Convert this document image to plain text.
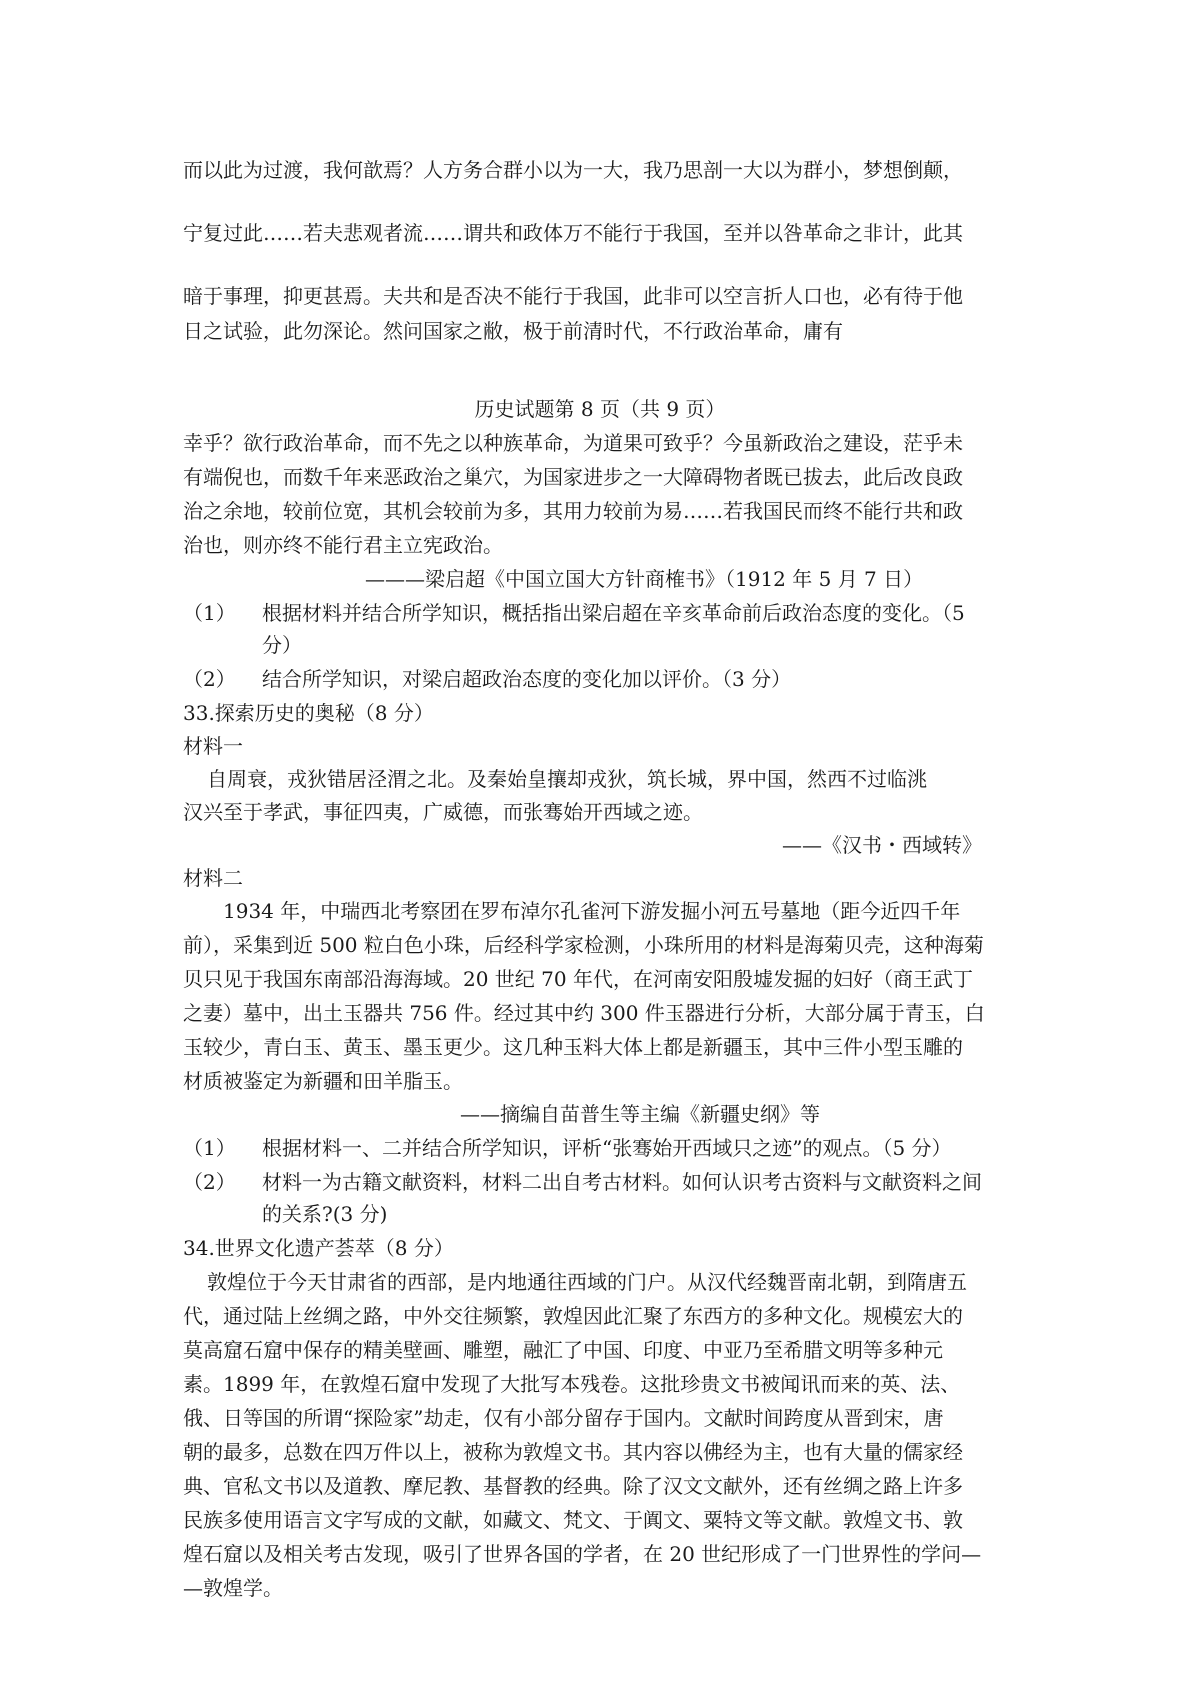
而以此为过渡，我何歆焉？人方务合群小以为一大，我乃思剖一大以为群小，梦想倒颠，
宁复过此……若夫悲观者流……谓共和政体万不能行于我国，至并以咎革命之非计，此其
暗于事理，抑更甚焉。夫共和是否决不能行于我国，此非可以空言折人口也，必有待于他
日之试验，此勿深论。然问国家之敝，极于前清时代，不行政治革命，庸有
历史试题第 8 页（共 9 页）
幸乎？欲行政治革命，而不先之以种族革命，为道果可致乎？今虽新政治之建设，茫乎未
有端倪也，而数千年来恶政治之巢穴，为国家进步之一大障碍物者既已拔去，此后改良政
治之余地，较前位宽，其机会较前为多，其用力较前为易……若我国民而终不能行共和政
治也，则亦终不能行君主立宪政治。
———梁启超《中国立国大方针商榷书》（1912 年 5 月 7 日）
（1） 根据材料并结合所学知识，概括指出梁启超在辛亥革命前后政治态度的变化。（5
分）
（2） 结合所学知识，对梁启超政治态度的变化加以评价。（3 分）
33.探索历史的奥秘（8 分）
材料一
自周衰，戎狄错居泾渭之北。及秦始皇攘却戎狄，筑长城，界中国，然西不过临洮
汉兴至于孝武，事征四夷，广威德，而张骞始开西域之迹。
——《汉书・西域转》
材料二
1934 年，中瑞西北考察团在罗布淖尔孔雀河下游发掘小河五号墓地（距今近四千年
前），采集到近 500 粒白色小珠，后经科学家检测，小珠所用的材料是海菊贝壳，这种海菊
贝只见于我国东南部沿海海域。20 世纪 70 年代，在河南安阳殷墟发掘的妇好（商王武丁
之妻）墓中，出土玉器共 756 件。经过其中约 300 件玉器进行分析，大部分属于青玉，白
玉较少，青白玉、黄玉、墨玉更少。这几种玉料大体上都是新疆玉，其中三件小型玉雕的
材质被鉴定为新疆和田羊脂玉。
——摘编自苗普生等主编《新疆史纲》等
（1） 根据材料一、二并结合所学知识，评析“张骞始开西域只之迹”的观点。（5 分）
（2） 材料一为古籍文献资料，材料二出自考古材料。如何认识考古资料与文献资料之间
的关系?(3 分)
34.世界文化遗产荟萃（8 分）
敦煌位于今天甘肃省的西部，是内地通往西域的门户。从汉代经魏晋南北朝，到隋唐五
代，通过陆上丝绸之路，中外交往频繁，敦煌因此汇聚了东西方的多种文化。规模宏大的
莫高窟石窟中保存的精美壁画、雕塑，融汇了中国、印度、中亚乃至希腊文明等多种元
素。1899 年，在敦煌石窟中发现了大批写本残卷。这批珍贵文书被闻讯而来的英、法、
俄、日等国的所谓“探险家”劫走，仅有小部分留存于国内。文献时间跨度从晋到宋，唐
朝的最多，总数在四万件以上，被称为敦煌文书。其内容以佛经为主，也有大量的儒家经
典、官私文书以及道教、摩尼教、基督教的经典。除了汉文文献外，还有丝绸之路上许多
民族多使用语言文字写成的文献，如藏文、梵文、于阗文、粟特文等文献。敦煌文书、敦
煌石窟以及相关考古发现，吸引了世界各国的学者，在 20 世纪形成了一门世界性的学问—
—敦煌学。
